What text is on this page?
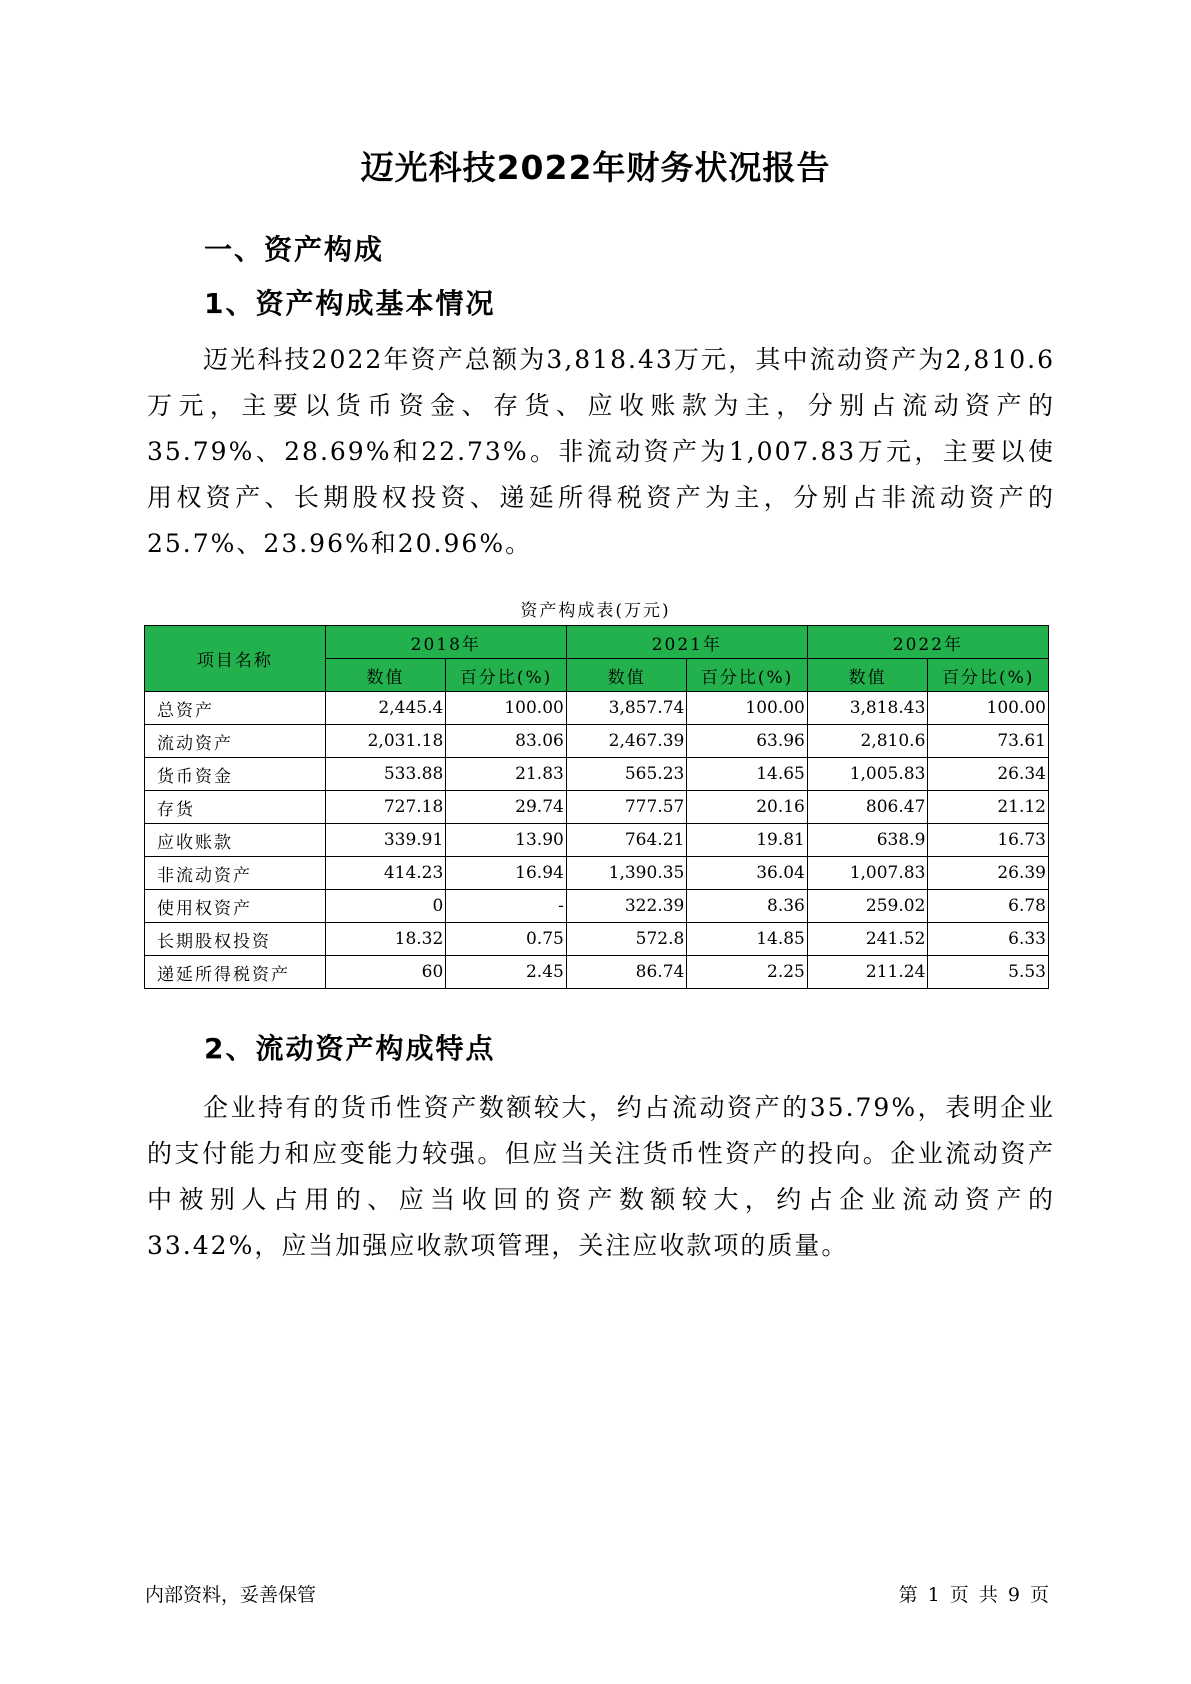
迈光科技2022年财务状况报告
一、资产构成
1、资产构成基本情况

迈光科技2022年资产总额为3,818.43万元，其中流动资产为2,810.6万元，主要以货币资金、存货、应收账款为主，分别占流动资产的35.79%、28.69%和22.73%。非流动资产为1,007.83万元，主要以使用权资产、长期股权投资、递延所得税资产为主，分别占非流动资产的25.7%、23.96%和20.96%。

资产构成表(万元)
项目名称	2018年		2021年		2022年	
	数值	百分比(%)	数值	百分比(%)	数值	百分比(%)
总资产	2,445.4	100.00	3,857.74	100.00	3,818.43	100.00
流动资产	2,031.18	83.06	2,467.39	63.96	2,810.6	73.61
货币资金	533.88	21.83	565.23	14.65	1,005.83	26.34
存货	727.18	29.74	777.57	20.16	806.47	21.12
应收账款	339.91	13.90	764.21	19.81	638.9	16.73
非流动资产	414.23	16.94	1,390.35	36.04	1,007.83	26.39
使用权资产	0	-	322.39	8.36	259.02	6.78
长期股权投资	18.32	0.75	572.8	14.85	241.52	6.33
递延所得税资产	60	2.45	86.74	2.25	211.24	5.53
2、流动资产构成特点

企业持有的货币性资产数额较大，约占流动资产的35.79%，表明企业的支付能力和应变能力较强。但应当关注货币性资产的投向。企业流动资产中被别人占用的、应当收回的资产数额较大，约占企业流动资产的33.42%，应当加强应收款项管理，关注应收款项的质量。

内部资料，妥善保管	第 1 页 共 9 页
